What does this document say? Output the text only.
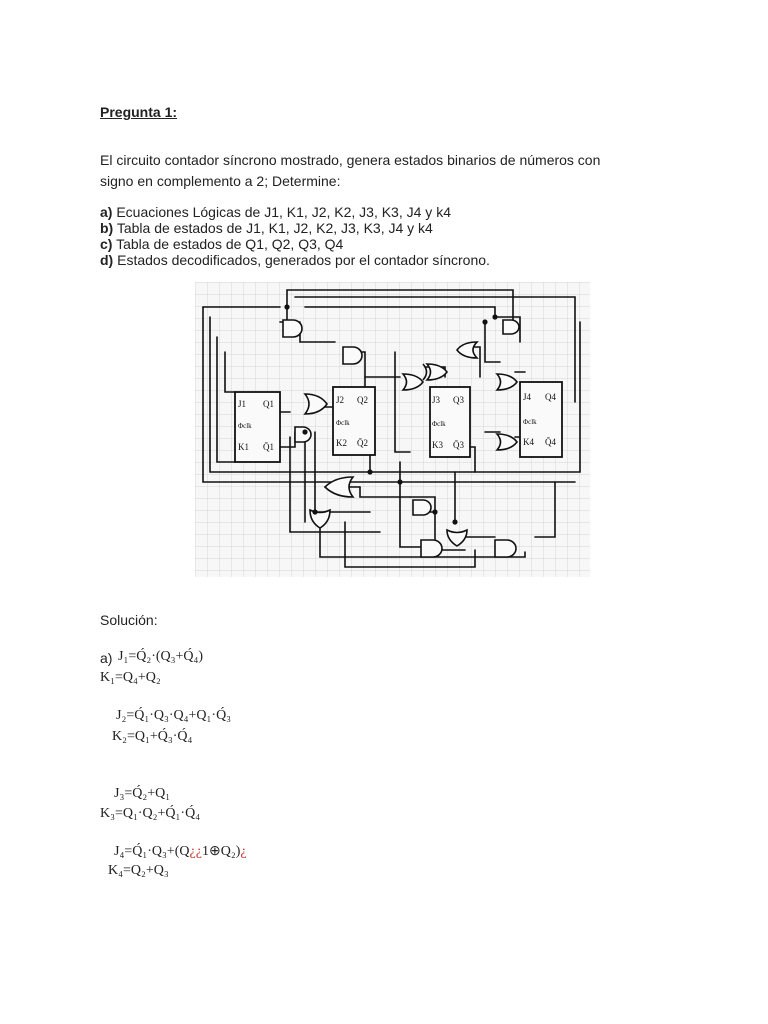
Pregunta 1:
El circuito contador síncrono mostrado, genera estados binarios de números con
signo en complemento a 2; Determine:
a) Ecuaciones Lógicas de J1, K1, J2, K2, J3, K3, J4 y k4
b) Tabla de estados de J1, K1, J2, K2, J3, K3, J4 y k4
c) Tabla de estados de Q1, Q2, Q3, Q4
d) Estados decodificados, generados por el contador síncrono.
J1 Q1
Φclk
K1 Q̄1
J2 Q2
Φclk
K2 Q̄2
J3 Q3
Φclk
K3 Q̄3
J4 Q4
Φclk
K4 Q̄4
Solución:
a) J₁=Q́₂·(Q₃+Q́₄)
K₁=Q₄+Q₂
J₂=Q́₁·Q₃·Q₄+Q₁·Q́₃
K₂=Q₁+Q́₃·Q́₄
J₃=Q́₂+Q₁
K₃=Q₁·Q₂+Q́₁·Q́₄
J₄=Q́₁·Q₃+(Q¿¿1⊕Q₂)¿
K₄=Q₂+Q₃
